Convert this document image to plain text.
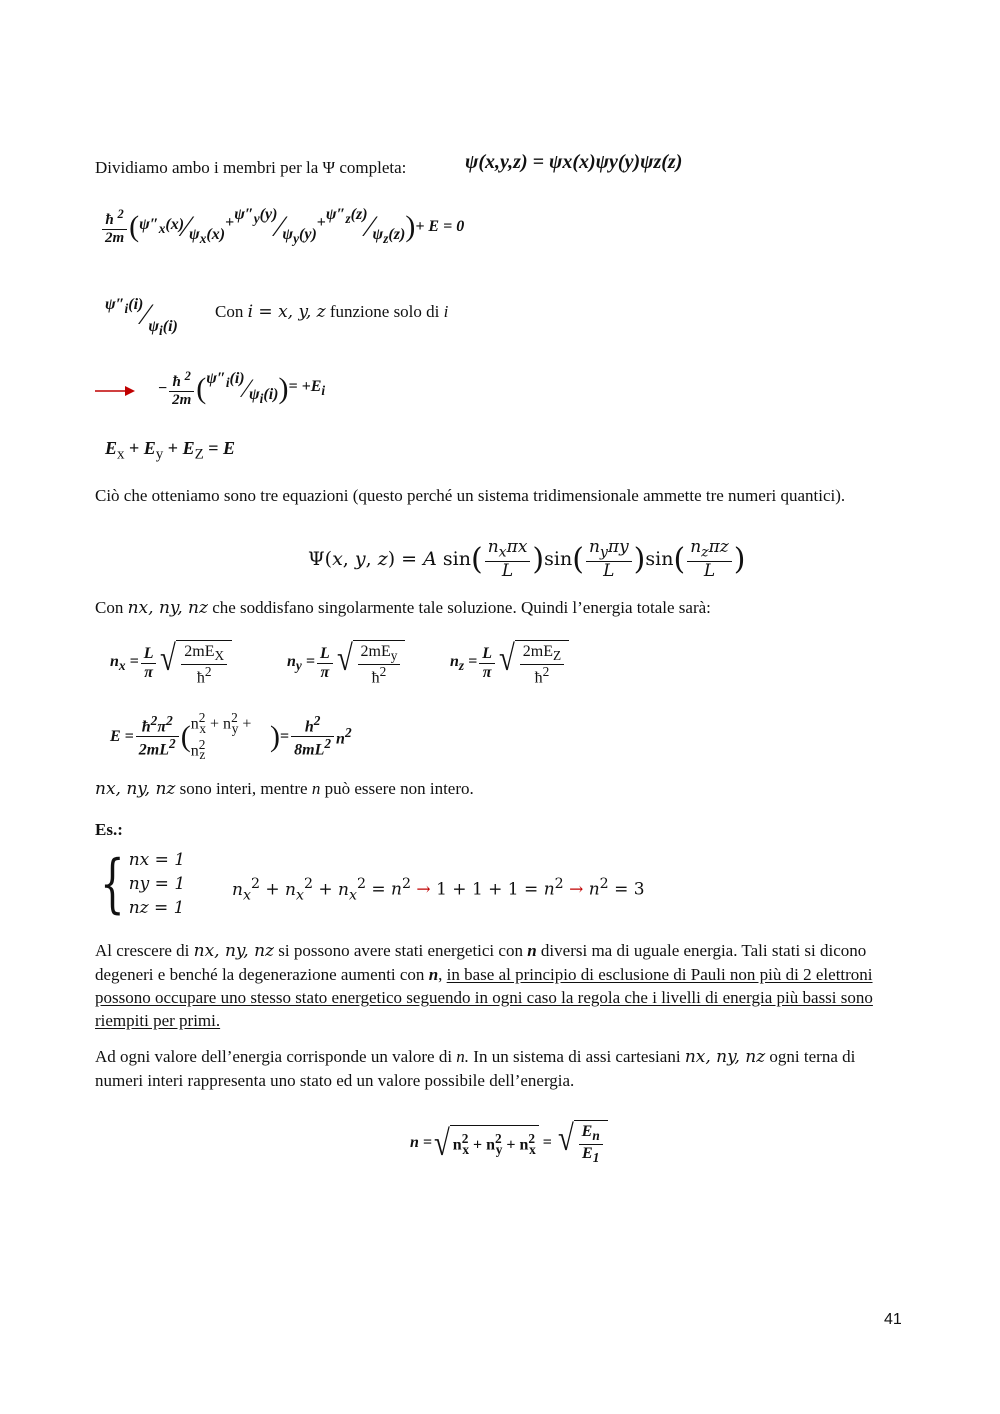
Dividiamo ambo i membri per la Ψ completa:	ψ(x,y,z) = ψx(x)ψy(y)ψz(z)
$\frac{ħ ^2}{2m}$ ( $\psi''_x(x)$ ⁄ $\psi_x(x)$
+ $\psi''_y(y)$ ⁄ $\psi_y(y)$
+ $\psi''_z(z)$ ⁄ $\psi_z(z)$ ) + E = 0
$\psi''_i(i)$ ⁄ $\psi_i(i)$
Con i = x, y, z funzione solo di i
− $\frac{ħ ^2}{2m}$ ( $\psi''_i(i)$ ⁄ $\psi_i(i)$ ) = $+E_i$
$E_x + E_y + E_Z = E$
Ciò che otteniamo sono tre equazioni (questo perché un sistema tridimensionale ammette tre numeri quantici).
Ψ(x, y, z) = A sin ( $\frac{n_x\pi x}{L}$ ) sin ( $\frac{n_y\pi y}{L}$ ) sin ( $\frac{n_z\pi z}{L}$ )
Con nx, ny, nz che soddisfano singolarmente tale soluzione. Quindi l’energia totale sarà:
$n_x = \frac{L}{\pi}$ √ $\frac{2mE_X}{ħ^2}$	$n_y = \frac{L}{\pi}$ √ $\frac{2mE_y}{ħ^2}$	$n_z = \frac{L}{\pi}$ √ $\frac{2mE_Z}{ħ^2}$
$E = \frac{ħ^2\pi^2}{2mL^2}$ ( $n^2_x + n^2_y + n^2_z$
) = $\frac{h^2}{8mL^2} n^2$
nx, ny, nz sono interi, mentre n può essere non intero.
Es.:
{ nx = 1
ny = 1
nz = 1
$n_x^2 + n_x^2 + n_x^2 = n^2 \to 1 + 1 + 1 = n^2 \to n^2 = 3$
Al crescere di nx, ny, nz si possono avere stati energetici con n diversi ma di uguale energia. Tali stati si dicono degeneri e benché la degenerazione aumenti con n, in base al principio di esclusione di Pauli non più di 2 elettroni possono occupare uno stesso stato energetico seguendo in ogni caso la regola che i livelli di energia più bassi sono riempiti per primi.
Ad ogni valore dell’energia corrisponde un valore di n. In un sistema di assi cartesiani nx, ny, nz ogni terna di numeri interi rappresenta uno stato ed un valore possibile dell’energia.
n = √ $n^2_x + n^2_y + n^2_x$ = √ $\frac{E_n}{E_1}$
41
